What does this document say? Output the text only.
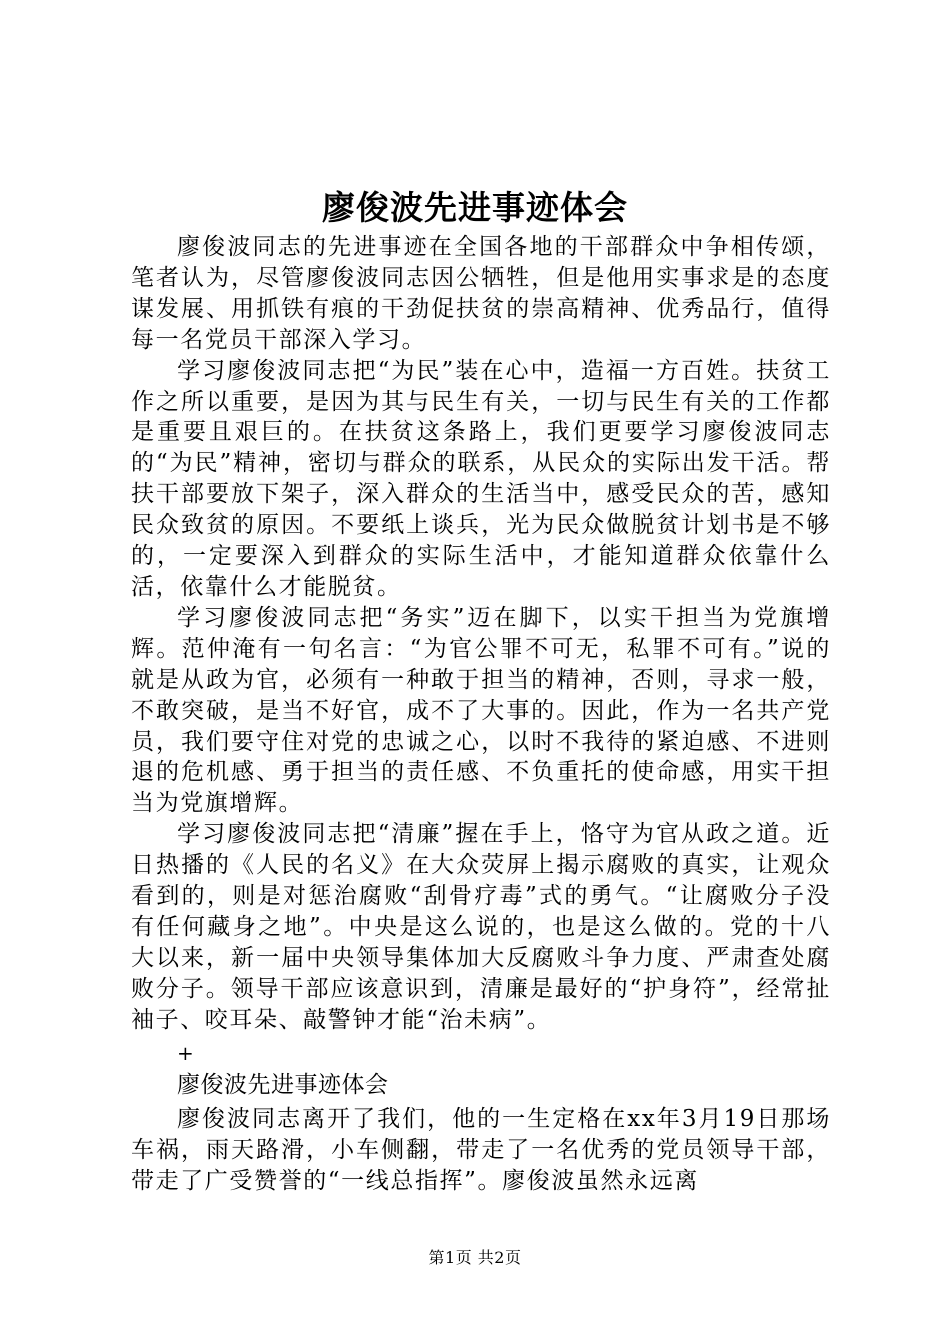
廖俊波先进事迹体会

廖俊波同志的先进事迹在全国各地的干部群众中争相传颂，笔者认为，尽管廖俊波同志因公牺牲，但是他用实事求是的态度谋发展、用抓铁有痕的干劲促扶贫的崇高精神、优秀品行，值得每一名党员干部深入学习。

学习廖俊波同志把“为民”装在心中，造福一方百姓。扶贫工作之所以重要，是因为其与民生有关，一切与民生有关的工作都是重要且艰巨的。在扶贫这条路上，我们更要学习廖俊波同志的“为民”精神，密切与群众的联系，从民众的实际出发干活。帮扶干部要放下架子，深入群众的生活当中，感受民众的苦，感知民众致贫的原因。不要纸上谈兵，光为民众做脱贫计划书是不够的，一定要深入到群众的实际生活中，才能知道群众依靠什么活，依靠什么才能脱贫。

学习廖俊波同志把“务实”迈在脚下，以实干担当为党旗增辉。范仲淹有一句名言：“为官公罪不可无，私罪不可有。”说的就是从政为官，必须有一种敢于担当的精神，否则，寻求一般，不敢突破，是当不好官，成不了大事的。因此，作为一名共产党员，我们要守住对党的忠诚之心，以时不我待的紧迫感、不进则退的危机感、勇于担当的责任感、不负重托的使命感，用实干担当为党旗增辉。

学习廖俊波同志把“清廉”握在手上，恪守为官从政之道。近日热播的《人民的名义》在大众荧屏上揭示腐败的真实，让观众看到的，则是对惩治腐败“刮骨疗毒”式的勇气。“让腐败分子没有任何藏身之地”。中央是这么说的，也是这么做的。党的十八大以来，新一届中央领导集体加大反腐败斗争力度、严肃查处腐败分子。领导干部应该意识到，清廉是最好的“护身符”，经常扯袖子、咬耳朵、敲警钟才能“治未病”。

+

廖俊波先进事迹体会

廖俊波同志离开了我们，他的一生定格在xx年3月19日那场车祸，雨天路滑，小车侧翻，带走了一名优秀的党员领导干部，带走了广受赞誉的“一线总指挥”。廖俊波虽然永远离

第1页 共2页
